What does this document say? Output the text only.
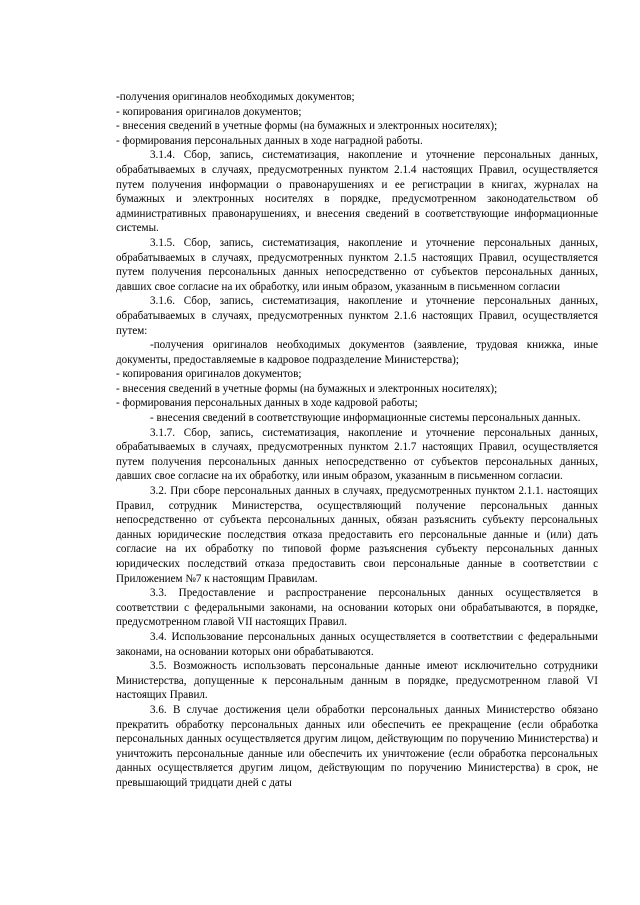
-получения оригиналов необходимых документов;

- копирования оригиналов документов;

- внесения сведений в учетные формы (на бумажных и электронных носителях);

- формирования персональных данных в ходе наградной работы.

3.1.4. Сбор, запись, систематизация, накопление и уточнение персональных данных, обрабатываемых в случаях, предусмотренных пунктом 2.1.4 настоящих Правил, осуществляется путем получения информации о правонарушениях и ее регистрации в книгах, журналах на бумажных и электронных носителях в порядке, предусмотренном законодательством об административных правонарушениях, и внесения сведений в соответствующие информационные системы.

3.1.5. Сбор, запись, систематизация, накопление и уточнение персональных данных, обрабатываемых в случаях, предусмотренных пунктом 2.1.5 настоящих Правил, осуществляется путем получения персональных данных непосредственно от субъектов персональных данных, давших свое согласие на их обработку, или иным образом, указанным в письменном согласии

3.1.6. Сбор, запись, систематизация, накопление и уточнение персональных данных, обрабатываемых в случаях, предусмотренных пунктом 2.1.6 настоящих Правил, осуществляется путем:

-получения оригиналов необходимых документов (заявление, трудовая книжка, иные документы, предоставляемые в кадровое подразделение Министерства);

- копирования оригиналов документов;

- внесения сведений в учетные формы (на бумажных и электронных носителях);

- формирования персональных данных в ходе кадровой работы;

- внесения сведений в соответствующие информационные системы персональных данных.

3.1.7. Сбор, запись, систематизация, накопление и уточнение персональных данных, обрабатываемых в случаях, предусмотренных пунктом 2.1.7 настоящих Правил, осуществляется путем получения персональных данных непосредственно от субъектов персональных данных, давших свое согласие на их обработку, или иным образом, указанным в письменном согласии.

3.2. При сборе персональных данных в случаях, предусмотренных пунктом 2.1.1. настоящих Правил, сотрудник Министерства, осуществляющий получение персональных данных непосредственно от субъекта персональных данных, обязан разъяснить субъекту персональных данных юридические последствия отказа предоставить его персональные данные и (или) дать согласие на их обработку по типовой форме разъяснения субъекту персональных данных юридических последствий отказа предоставить свои персональные данные в соответствии с Приложением №7 к настоящим Правилам.

3.3. Предоставление и распространение персональных данных осуществляется в соответствии с федеральными законами, на основании которых они обрабатываются, в порядке, предусмотренном главой VII настоящих Правил.

3.4. Использование персональных данных осуществляется в соответствии с федеральными законами, на основании которых они обрабатываются.

3.5. Возможность использовать персональные данные имеют исключительно сотрудники Министерства, допущенные к персональным данным в порядке, предусмотренном главой VI настоящих Правил.

3.6. В случае достижения цели обработки персональных данных Министерство обязано прекратить обработку персональных данных или обеспечить ее прекращение (если обработка персональных данных осуществляется другим лицом, действующим по поручению Министерства) и уничтожить персональные данные или обеспечить их уничтожение (если обработка персональных данных осуществляется другим лицом, действующим по поручению Министерства) в срок, не превышающий тридцати дней с даты
